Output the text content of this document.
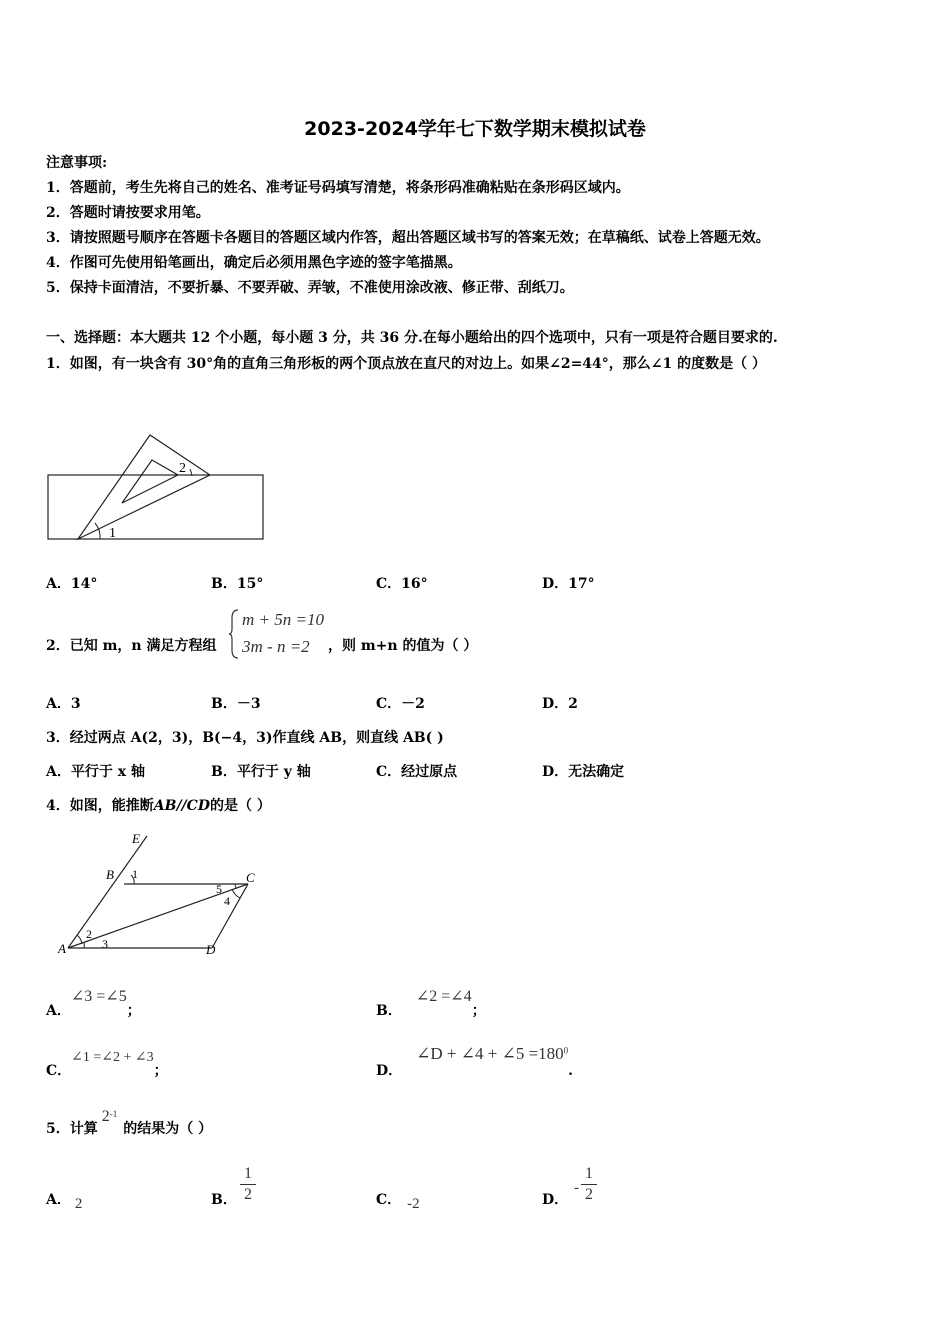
2023-2024学年七下数学期末模拟试卷
注意事项:
1．答题前，考生先将自己的姓名、准考证号码填写清楚，将条形码准确粘贴在条形码区域内。
2．答题时请按要求用笔。
3．请按照题号顺序在答题卡各题目的答题区域内作答，超出答题区域书写的答案无效；在草稿纸、试卷上答题无效。
4．作图可先使用铅笔画出，确定后必须用黑色字迹的签字笔描黑。
5．保持卡面清洁，不要折暴、不要弄破、弄皱，不准使用涂改液、修正带、刮纸刀。
一、选择题：本大题共 12 个小题，每小题 3 分，共 36 分.在每小题给出的四个选项中，只有一项是符合题目要求的.
1．如图，有一块含有 30°角的直角三角形板的两个顶点放在直尺的对边上。如果∠2=44°，那么∠1 的度数是（ ）
2
1
A．14°	B．15°	C．16°	D．17°
2．已知 m，n 满足方程组
m + 5n =10
3m - n =2 ，则 m+n 的值为（ ）
A．3	B．－3	C．－2	D．2
3．经过两点 A(2，3)，B(−4，3)作直线 AB，则直线 AB( )
A．平行于 x 轴	B．平行于 y 轴	C．经过原点	D．无法确定
4．如图，能推断AB//CD的是（ ）
E
B	C
A	D
1
2
3
5
4
A．∠3 =∠5；	B．∠2 =∠4；
C．∠1 =∠2 + ∠3；	D．∠D + ∠4 + ∠5 $=180^0$.
5．计算$2^{-1}$的结果为（ ）
A． 2	B．
1
2	C． -2	D．
-
1
2
